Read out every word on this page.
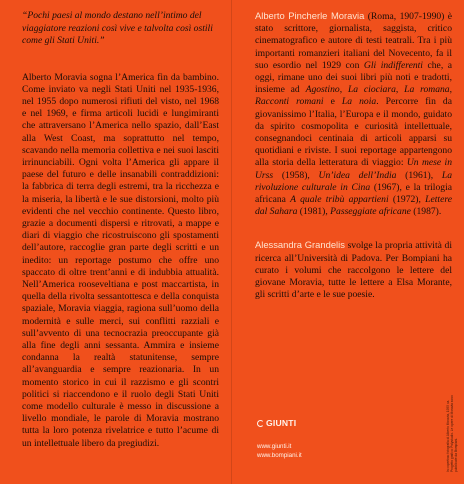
“Pochi paesi al mondo destano nell’intimo del viaggiatore reazioni così vive e talvolta così ostili come gli Stati Uniti.”

Alberto Moravia sogna l’America fin da bambino. Come inviato va negli Stati Uniti nel 1935-1936, nel 1955 dopo numerosi rifiuti del visto, nel 1968 e nel 1969, e firma articoli lucidi e lungimiranti che attraversano l’America nello spazio, dall’East alla West Coast, ma soprattutto nel tempo, scavando nella memoria collettiva e nei suoi lasciti irrinunciabili. Ogni volta l’America gli appare il paese del futuro e delle insanabili contraddizioni: la fabbrica di terra degli estremi, tra la ricchezza e la miseria, la libertà e le sue distorsioni, molto più evidenti che nel vecchio continente. Questo libro, grazie a documenti dispersi e ritrovati, a mappe e diari di viaggio che ricostruiscono gli spostamenti dell’autore, raccoglie gran parte degli scritti e un inedito: un reportage postumo che offre uno spaccato di oltre trent’anni e di indubbia attualità. Nell’America rooseveltiana e post maccartista, in quella della rivolta sessantottesca e della conquista spaziale, Moravia viaggia, ragiona sull’uomo della modernità e sulle merci, sui conflitti razziali e sull’avvento di una tecnocrazia preoccupante già alla fine degli anni sessanta. Ammira e insieme condanna la realtà statunitense, sempre all’avanguardia e sempre reazionaria. In un momento storico in cui il razzismo e gli scontri politici si riaccendono e il ruolo degli Stati Uniti come modello culturale è messo in discussione a livello mondiale, le parole di Moravia mostrano tutta la loro potenza rivelatrice e tutto l’acume di un intellettuale libero da pregiudizi.

Alberto Pincherle Moravia (Roma, 1907-1990) è stato scrittore, giornalista, saggista, critico cinematografico e autore di testi teatrali. Tra i più importanti romanzieri italiani del Novecento, fa il suo esordio nel 1929 con Gli indifferenti che, a oggi, rimane uno dei suoi libri più noti e tradotti, insieme ad Agostino, La ciociara, La romana, Racconti romani e La noia. Percorre fin da giovanissimo l’Italia, l’Europa e il mondo, guidato da spirito cosmopolita e curiosità intellettuale, consegnandoci centinaia di articoli apparsi su quotidiani e riviste. I suoi reportage appartengono alla storia della letteratura di viaggio: Un mese in Urss (1958), Un’idea dell’India (1961), La rivoluzione culturale in Cina (1967), e la trilogia africana A quale tribù appartieni (1972), Lettere dal Sahara (1981), Passeggiate africane (1987).

Alessandra Grandelis svolge la propria attività di ricerca all’Università di Padova. Per Bompiani ha curato i volumi che raccolgono le lettere del giovane Moravia, tutte le lettere a Elsa Morante, gli scritti d’arte e le sue poesie.

In copertina: fotografia di Alberto Moravia, 1955 ca. Progetto grafico: Polystudio. Le opere di Moravia sono pubblicate da Bompiani.
GIUNTI
www.giunti.it
www.bompiani.it
